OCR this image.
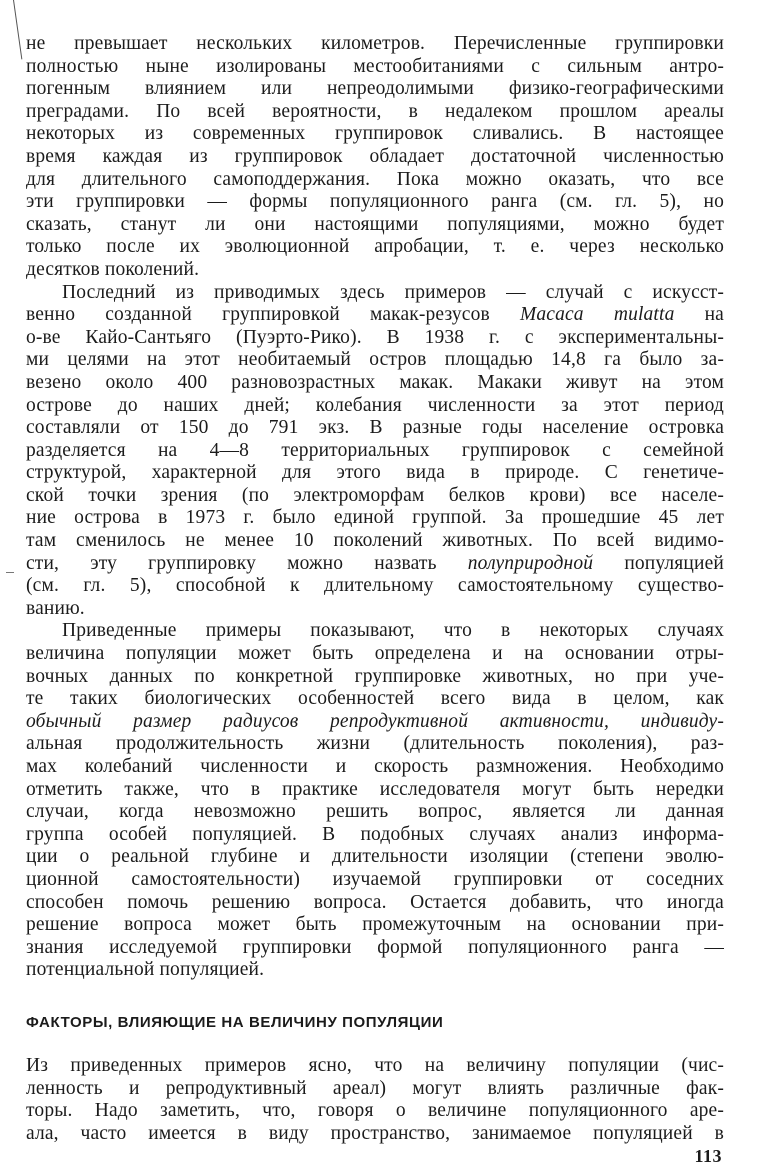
не превышает нескольких километров. Перечисленные группировки
полностью ныне изолированы местообитаниями с сильным антро-
погенным влиянием или непреодолимыми физико-географическими
преградами. По всей вероятности, в недалеком прошлом ареалы
некоторых из современных группировок сливались. В настоящее
время каждая из группировок обладает достаточной численностью
для длительного самоподдержания. Пока можно оказать, что все
эти группировки — формы популяционного ранга (см. гл. 5), но
сказать, станут ли они настоящими популяциями, можно будет
только после их эволюционной апробации, т. е. через несколько
десятков поколений.
Последний из приводимых здесь примеров — случай с искусст-
венно созданной группировкой макак-резусов Macaca mulatta на
о-ве Кайо-Сантьяго (Пуэрто-Рико). В 1938 г. с экспериментальны-
ми целями на этот необитаемый остров площадью 14,8 га было за-
везено около 400 разновозрастных макак. Макаки живут на этом
острове до наших дней; колебания численности за этот период
составляли от 150 до 791 экз. В разные годы население островка
разделяется на 4—8 территориальных группировок с семейной
структурой, характерной для этого вида в природе. С генетиче-
ской точки зрения (по электроморфам белков крови) все населе-
ние острова в 1973 г. было единой группой. За прошедшие 45 лет
там сменилось не менее 10 поколений животных. По всей видимо-
сти, эту группировку можно назвать полуприродной популяцией
(см. гл. 5), способной к длительному самостоятельному существо-
ванию.
Приведенные примеры показывают, что в некоторых случаях
величина популяции может быть определена и на основании отры-
вочных данных по конкретной группировке животных, но при уче-
те таких биологических особенностей всего вида в целом, как
обычный размер радиусов репродуктивной активности, индивиду-
альная продолжительность жизни (длительность поколения), раз-
мах колебаний численности и скорость размножения. Необходимо
отметить также, что в практике исследователя могут быть нередки
случаи, когда невозможно решить вопрос, является ли данная
группа особей популяцией. В подобных случаях анализ информа-
ции о реальной глубине и длительности изоляции (степени эволю-
ционной самостоятельности) изучаемой группировки от соседних
способен помочь решению вопроса. Остается добавить, что иногда
решение вопроса может быть промежуточным на основании при-
знания исследуемой группировки формой популяционного ранга —
потенциальной популяцией.
ФАКТОРЫ, ВЛИЯЮЩИЕ НА ВЕЛИЧИНУ ПОПУЛЯЦИИ
Из приведенных примеров ясно, что на величину популяции (чис-
ленность и репродуктивный ареал) могут влиять различные фак-
торы. Надо заметить, что, говоря о величине популяционного аре-
ала, часто имеется в виду пространство, занимаемое популяцией в
113
